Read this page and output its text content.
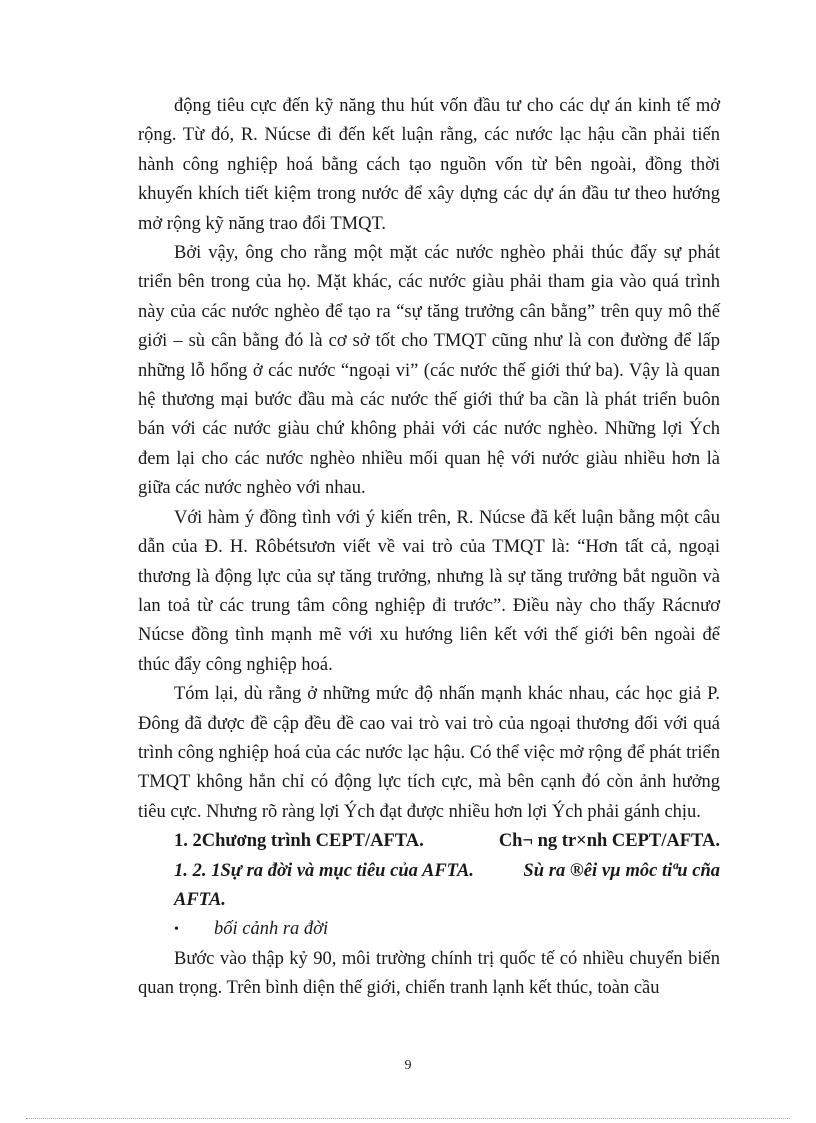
động tiêu cực đến kỹ năng thu hút vốn đầu tư cho các dự án kinh tế mở rộng. Từ đó, R. Núcse đi đến kết luận rằng, các nước lạc hậu cần phải tiến hành công nghiệp hoá bằng cách tạo nguồn vốn từ bên ngoài, đồng thời khuyến khích tiết kiệm trong nước để xây dựng các dự án đầu tư theo hướng mở rộng kỹ năng trao đổi TMQT.

Bởi vậy, ông cho rằng một mặt các nước nghèo phải thúc đẩy sự phát triển bên trong của họ. Mặt khác, các nước giàu phải tham gia vào quá trình này của các nước nghèo để tạo ra “sự tăng trưởng cân bằng” trên quy mô thế giới – sù cân bằng đó là cơ sở tốt cho TMQT cũng như là con đường để lấp những lỗ hổng ở các nước “ngoại vi” (các nước thế giới thứ ba). Vậy là quan hệ thương mại bước đầu mà các nước thế giới thứ ba cần là phát triển buôn bán với các nước giàu chứ không phải với các nước nghèo. Những lợi Ých đem lại cho các nước nghèo nhiều mối quan hệ với nước giàu nhiều hơn là giữa các nước nghèo với nhau.

Với hàm ý đồng tình với ý kiến trên, R. Núcse đã kết luận bằng một câu dẫn của Đ. H. Rôbétsươn viết về vai trò của TMQT là: “Hơn tất cả, ngoại thương là động lực của sự tăng trưởng, nhưng là sự tăng trưởng bắt nguồn và lan toả từ các trung tâm công nghiệp đi trước”. Điều này cho thấy Rácnươ Núcse đồng tình mạnh mẽ với xu hướng liên kết với thế giới bên ngoài để thúc đẩy công nghiệp hoá.

Tóm lại, dù rằng ở những mức độ nhấn mạnh khác nhau, các học giả P. Đông đã được đề cập đều đề cao vai trò vai trò của ngoại thương đối với quá trình công nghiệp hoá của các nước lạc hậu. Có thể việc mở rộng để phát triển TMQT không hẳn chỉ có động lực tích cực, mà bên cạnh đó còn ảnh hưởng tiêu cực. Nhưng rõ ràng lợi Ých đạt được nhiều hơn lợi Ých phải gánh chịu.

1. 2Chương trình CEPT/AFTA.	Ch¬ ng tr×nh CEPT/AFTA.

1. 2. 1Sự ra đời và mục tiêu của AFTA.	Sù ra ®êi vµ môc tiªu cña AFTA.

•	bối cảnh ra đời

Bước vào thập kỷ 90, môi trường chính trị quốc tế có nhiều chuyển biến quan trọng. Trên bình diện thế giới, chiến tranh lạnh kết thúc, toàn cầu

9
